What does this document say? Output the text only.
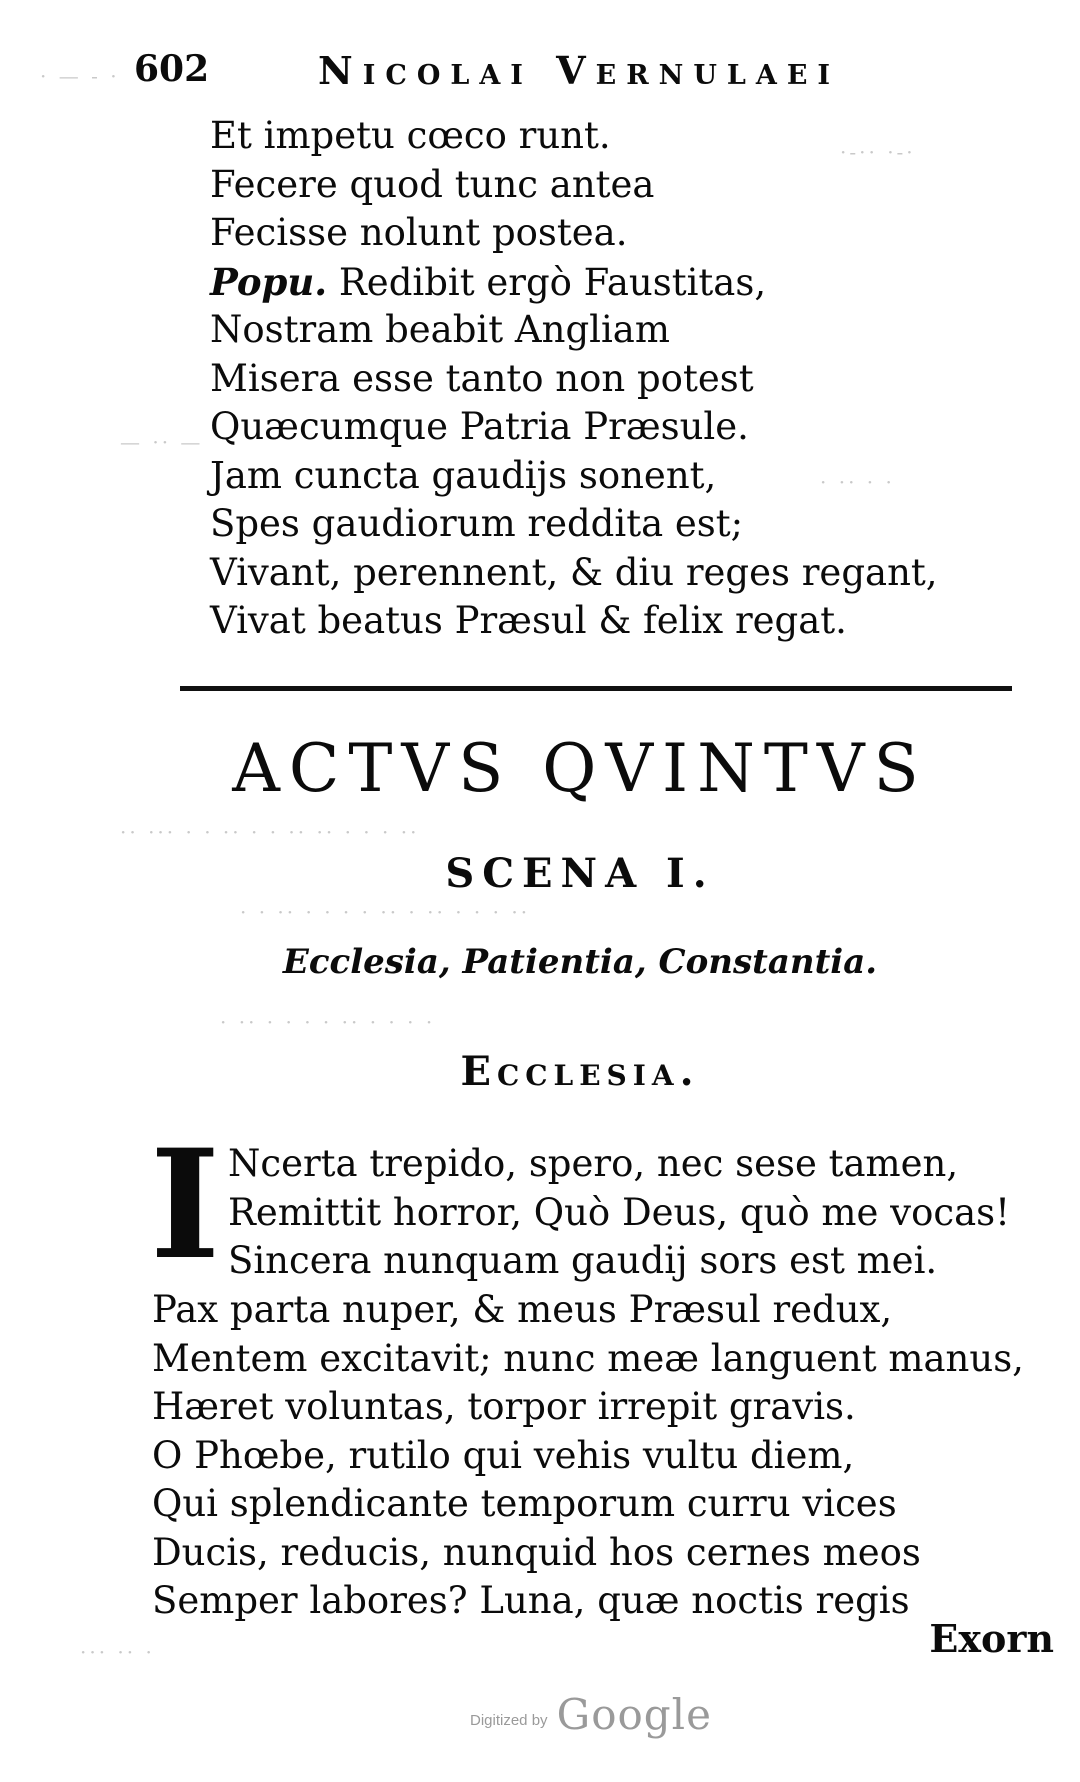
· — - ·
— ·· —
·-·· ·-·
· ·· · ·
·· ··· · · ·· · · ·· ·· · · · ··
· · ·· · · · · ·· · ·· · · · ··
· ·· · · · · ·· · · · ·
··· ·· ·
602	Nicolai Vernulaei
Et impetu cœco runt.
Fecere quod tunc antea
Fecisse nolunt postea.
Popu. Redibit ergò Faustitas,
Nostram beabit Angliam
Misera esse tanto non potest
Quæcumque Patria Præsule.
Jam cuncta gaudijs sonent,
Spes gaudiorum reddita est;
Vivant, perennent, & diu reges regant,
Vivat beatus Præsul & felix regat.
ACTVS QVINTVS
SCENA I.
Ecclesia, Patientia, Constantia.
Ecclesia.
I Ncerta trepido, spero, nec sese tamen,
Remittit horror, Quò Deus, quò me vocas!
Sincera nunquam gaudij sors est mei.
Pax parta nuper, & meus Præsul redux,
Mentem excitavit; nunc meæ languent manus,
Hæret voluntas, torpor irrepit gravis.
O Phœbe, rutilo qui vehis vultu diem,
Qui splendicante temporum curru vices
Ducis, reducis, nunquid hos cernes meos
Semper labores? Luna, quæ noctis regis
Exorn
Digitized by Google
